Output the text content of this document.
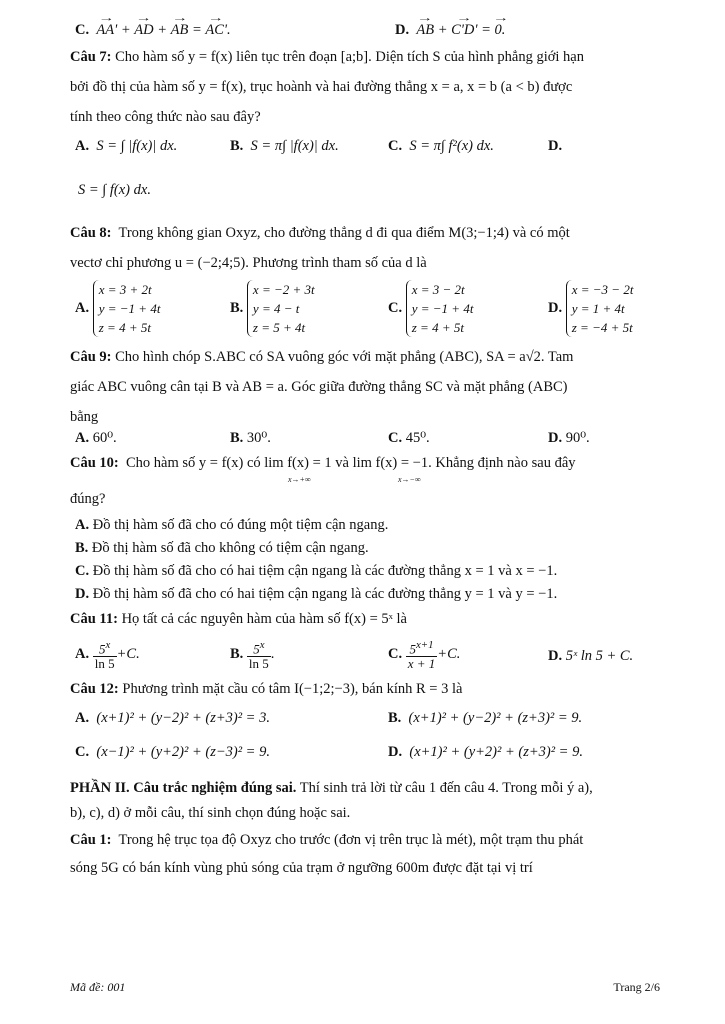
C. → AA' + → AD + → AB = → AC'.	D. → AB + → C'D' = → 0.
Câu 7: Cho hàm số y = f(x) liên tục trên đoạn [a;b]. Diện tích S của hình phẳng giới hạn
bởi đồ thị của hàm số y = f(x), trục hoành và hai đường thẳng x = a, x = b (a < b) được
tính theo công thức nào sau đây?
A. S = ∫ |f(x)| dx.	B. S = π∫ |f(x)| dx.	C. S = π∫ f²(x) dx.	D.
S = ∫ f(x) dx.
Câu 8: Trong không gian Oxyz, cho đường thẳng d đi qua điểm M(3;−1;4) và có một
vectơ chỉ phương u = (−2;4;5). Phương trình tham số của d là
A. x = 3 + 2t
y = −1 + 4t
z = 4 + 5t
B. x = −2 + 3t
y = 4 − t
z = 5 + 4t
C. x = 3 − 2t
y = −1 + 4t
z = 4 + 5t
D. x = −3 − 2t
y = 1 + 4t
z = −4 + 5t
Câu 9: Cho hình chóp S.ABC có SA vuông góc với mặt phẳng (ABC), SA = a√2. Tam
giác ABC vuông cân tại B và AB = a. Góc giữa đường thẳng SC và mặt phẳng (ABC)
bằng
A. 60⁰.	B. 30⁰.	C. 45⁰.	D. 90⁰.
Câu 10: Cho hàm số y = f(x) có lim f(x) = 1 và lim f(x) = −1. Khẳng định nào sau đây
x→+∞	x→−∞
đúng?
A. Đồ thị hàm số đã cho có đúng một tiệm cận ngang.
B. Đồ thị hàm số đã cho không có tiệm cận ngang.
C. Đồ thị hàm số đã cho có hai tiệm cận ngang là các đường thẳng x = 1 và x = −1.
D. Đồ thị hàm số đã cho có hai tiệm cận ngang là các đường thẳng y = 1 và y = −1.
Câu 11: Họ tất cả các nguyên hàm của hàm số f(x) = 5ˣ là
A. $\frac{5^x}{\ln 5} +C$.	B. $\frac{5^x}{\ln 5}$ .	C. $\frac{5^{x+1}}{x + 1} +C$.	D. 5ˣ ln 5 + C.
Câu 12: Phương trình mặt cầu có tâm I(−1;2;−3), bán kính R = 3 là
A. (x+1)² + (y−2)² + (z+3)² = 3.	B. (x+1)² + (y−2)² + (z+3)² = 9.
C. (x−1)² + (y+2)² + (z−3)² = 9.	D. (x+1)² + (y+2)² + (z+3)² = 9.
PHẦN II. Câu trắc nghiệm đúng sai. Thí sinh trả lời từ câu 1 đến câu 4. Trong mỗi ý a),
b), c), d) ở mỗi câu, thí sinh chọn đúng hoặc sai.
Câu 1: Trong hệ trục tọa độ Oxyz cho trước (đơn vị trên trục là mét), một trạm thu phát
sóng 5G có bán kính vùng phủ sóng của trạm ở ngưỡng 600m được đặt tại vị trí
Mã đề: 001	Trang 2/6
